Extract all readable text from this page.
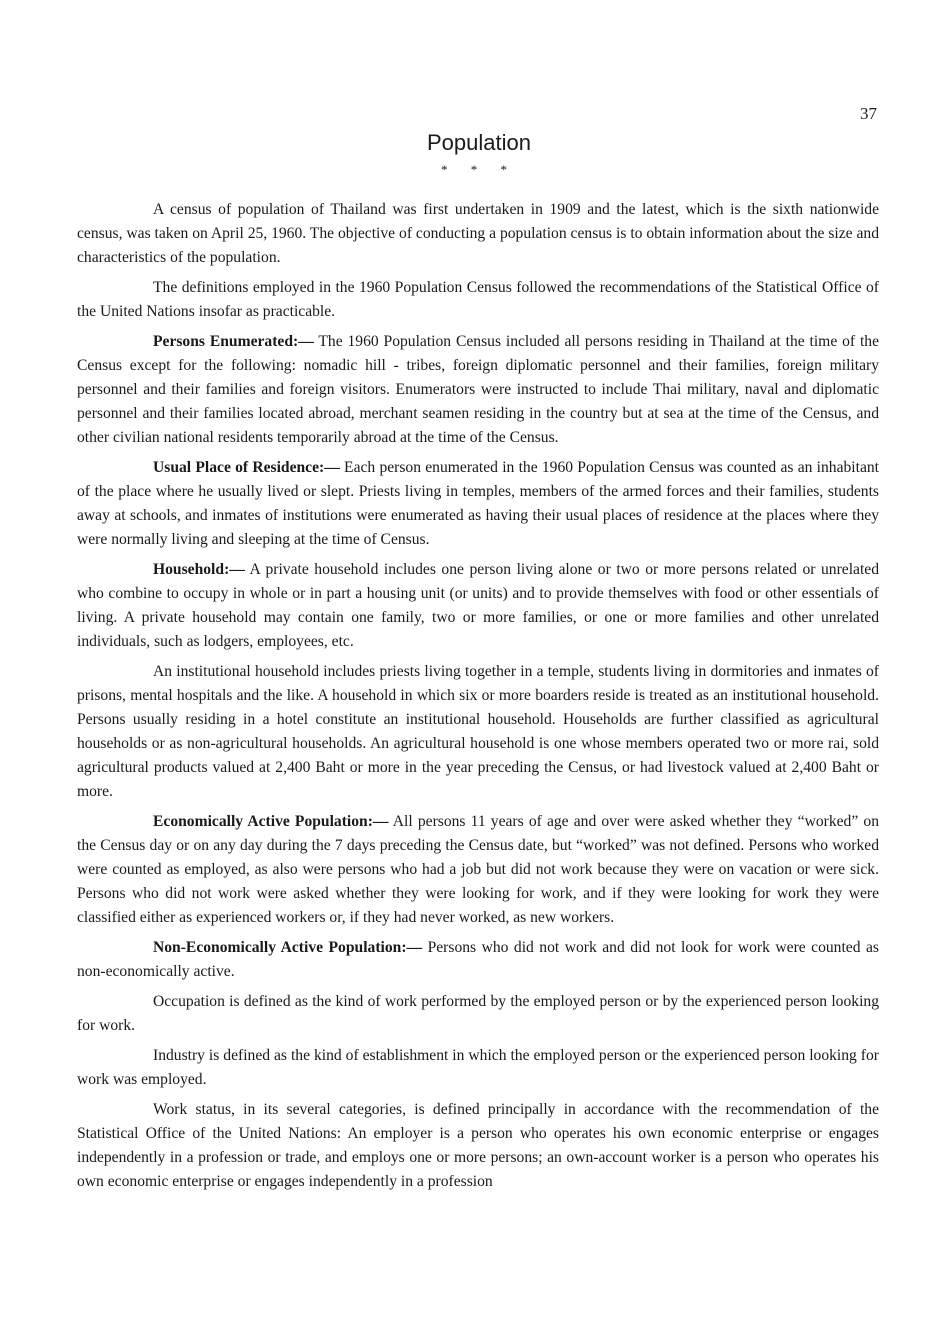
37
Population
* * *

A census of population of Thailand was first undertaken in 1909 and the latest, which is the sixth nationwide census, was taken on April 25, 1960. The objective of conducting a population census is to obtain information about the size and characteristics of the population.

The definitions employed in the 1960 Population Census followed the recommendations of the Statistical Office of the United Nations insofar as practicable.

Persons Enumerated:— The 1960 Population Census included all persons residing in Thailand at the time of the Census except for the following: nomadic hill - tribes, foreign diplomatic personnel and their families, foreign military personnel and their families and foreign visitors. Enumerators were instructed to include Thai military, naval and diplomatic personnel and their families located abroad, merchant seamen residing in the country but at sea at the time of the Census, and other civilian national residents temporarily abroad at the time of the Census.

Usual Place of Residence:— Each person enumerated in the 1960 Population Census was counted as an inhabitant of the place where he usually lived or slept. Priests living in temples, members of the armed forces and their families, students away at schools, and inmates of institutions were enumerated as having their usual places of residence at the places where they were normally living and sleeping at the time of Census.

Household:— A private household includes one person living alone or two or more persons related or unrelated who combine to occupy in whole or in part a housing unit (or units) and to provide themselves with food or other essentials of living. A private household may contain one family, two or more families, or one or more families and other unrelated individuals, such as lodgers, employees, etc.

An institutional household includes priests living together in a temple, students living in dormitories and inmates of prisons, mental hospitals and the like. A household in which six or more boarders reside is treated as an institutional household. Persons usually residing in a hotel constitute an institutional household. Households are further classified as agricultural households or as non-agricultural households. An agricultural household is one whose members operated two or more rai, sold agricultural products valued at 2,400 Baht or more in the year preceding the Census, or had livestock valued at 2,400 Baht or more.

Economically Active Population:— All persons 11 years of age and over were asked whether they “worked” on the Census day or on any day during the 7 days preceding the Census date, but “worked” was not defined. Persons who worked were counted as employed, as also were persons who had a job but did not work because they were on vacation or were sick. Persons who did not work were asked whether they were looking for work, and if they were looking for work they were classified either as experienced workers or, if they had never worked, as new workers.

Non-Economically Active Population:— Persons who did not work and did not look for work were counted as non-economically active.

Occupation is defined as the kind of work performed by the employed person or by the experienced person looking for work.

Industry is defined as the kind of establishment in which the employed person or the experienced person looking for work was employed.

Work status, in its several categories, is defined principally in accordance with the recommendation of the Statistical Office of the United Nations: An employer is a person who operates his own economic enterprise or engages independently in a profession or trade, and employs one or more persons; an own-account worker is a person who operates his own economic enterprise or engages independently in a profession
